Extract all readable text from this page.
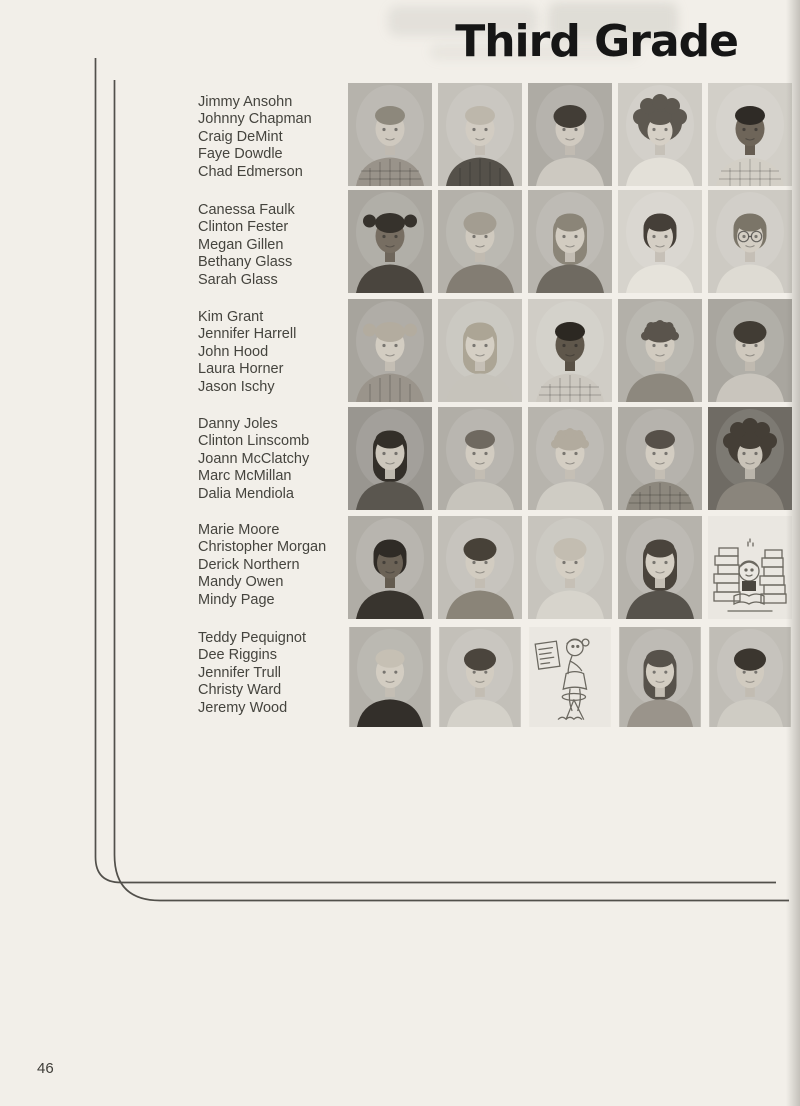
Third Grade
Jimmy Ansohn
Johnny Chapman
Craig DeMint
Faye Dowdle
Chad Edmerson
Canessa Faulk
Clinton Fester
Megan Gillen
Bethany Glass
Sarah Glass
Kim Grant
Jennifer Harrell
John Hood
Laura Horner
Jason Ischy
Danny Joles
Clinton Linscomb
Joann McClatchy
Marc McMillan
Dalia Mendiola
Marie Moore
Christopher Morgan
Derick Northern
Mandy Owen
Mindy Page
Teddy Pequignot
Dee Riggins
Jennifer Trull
Christy Ward
Jeremy Wood
46
